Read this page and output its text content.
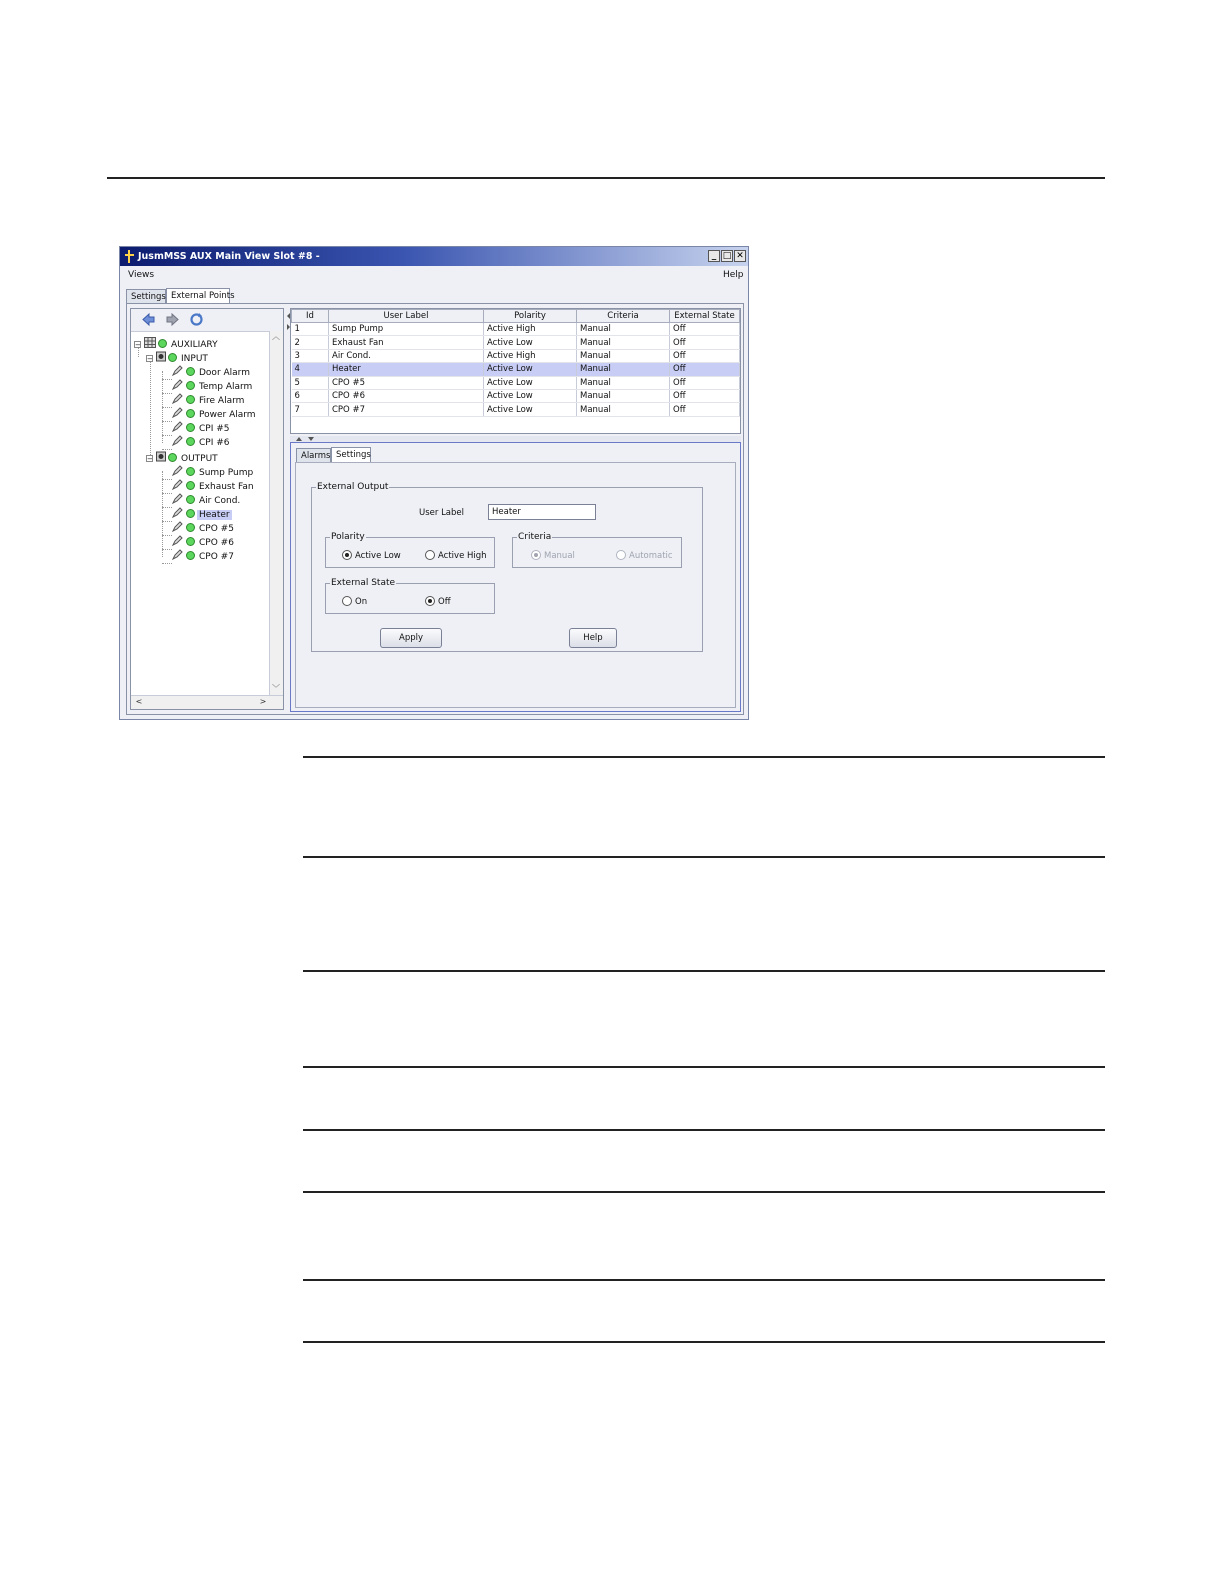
JusmMSS AUX Main View Slot #8 -	_ □ ✕
Views	Help
Settings External Points
−	AUXILIARY
−	INPUT
Door Alarm
Temp Alarm
Fire Alarm
Power Alarm
CPI #5
CPI #6
−	OUTPUT
Sump Pump
Exhaust Fan
Air Cond.
Heater
CPO #5
CPO #6
CPO #7
︿
﹀
<	>
Id	User Label	Polarity	Criteria	External State
1	Sump Pump	Active High	Manual	Off
2	Exhaust Fan	Active Low	Manual	Off
3	Air Cond.	Active High	Manual	Off
4	Heater	Active Low	Manual	Off
5	CPO #5	Active Low	Manual	Off
6	CPO #6	Active Low	Manual	Off
7	CPO #7	Active Low	Manual	Off
Alarms Settings
External Output
User Label	Heater
Polarity
Active Low	Active High
Criteria
Manual	Automatic
External State
On	Off
Apply	Help
